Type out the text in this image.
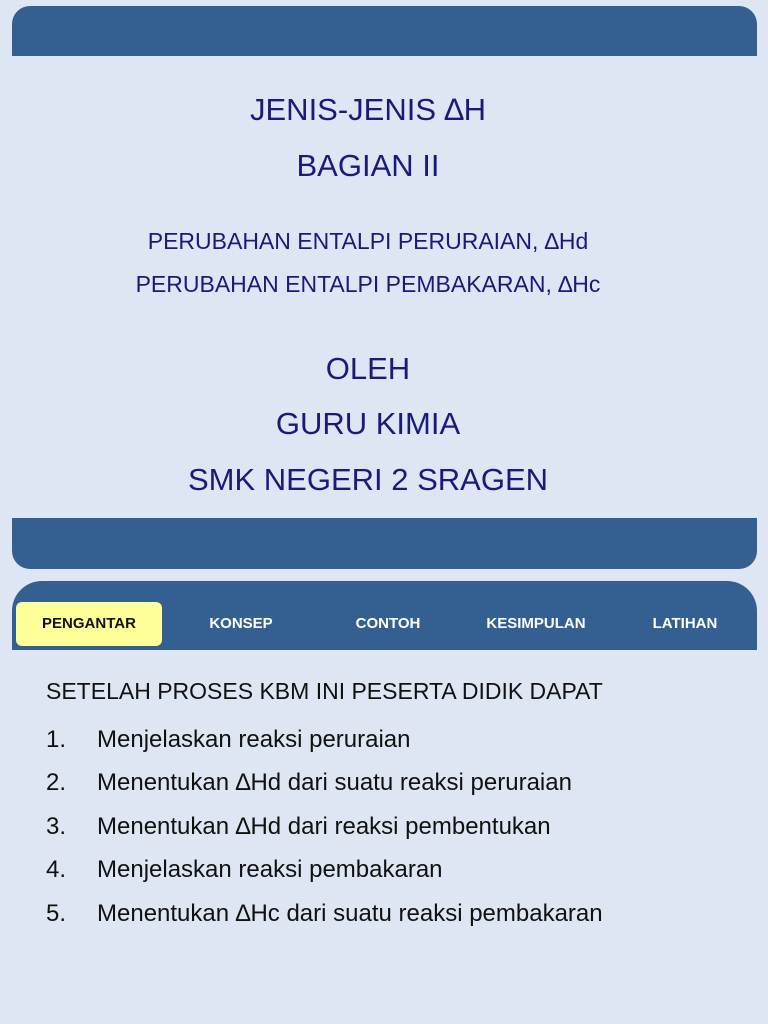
JENIS-JENIS ∆H
BAGIAN II
PERUBAHAN ENTALPI PERURAIAN, ∆Hd
PERUBAHAN ENTALPI PEMBAKARAN, ∆Hc
OLEH
GURU KIMIA
SMK NEGERI 2 SRAGEN
PENGANTAR	KONSEP	CONTOH	KESIMPULAN	LATIHAN
SETELAH PROSES KBM INI PESERTA DIDIK DAPAT
1. Menjelaskan reaksi peruraian
2. Menentukan ∆Hd dari suatu reaksi peruraian
3. Menentukan ∆Hd dari reaksi pembentukan
4. Menjelaskan reaksi pembakaran
5. Menentukan ∆Hc dari suatu reaksi pembakaran
